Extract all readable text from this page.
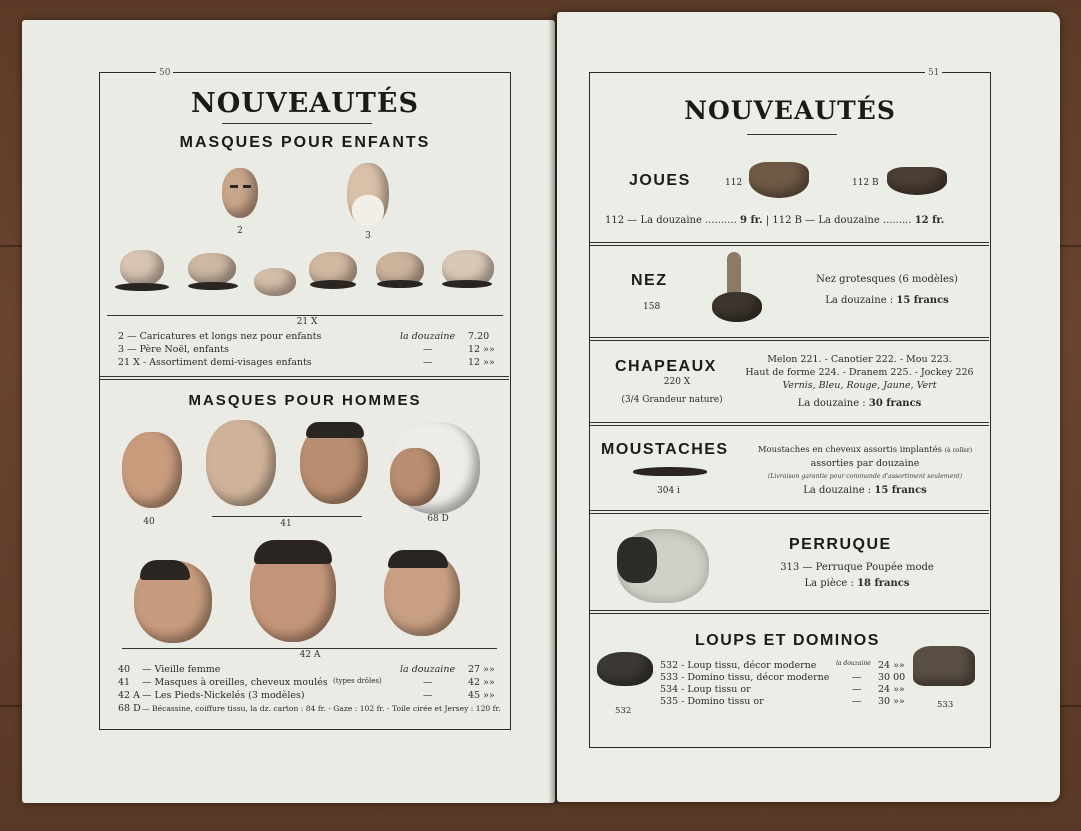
50
NOUVEAUTÉS
MASQUES POUR ENFANTS
2	3
21 X
2 — Caricatures et longs nez pour enfants	la douzaine 7.20
3 — Père Noël, enfants	—	12 »»
21 X - Assortiment demi-visages enfants	—	12 »»
MASQUES POUR HOMMES
40	41	68 D
42 A
40 — Vieille femme	la douzaine 27 »»
41 — Masques à oreilles, cheveux moulés (types drôles)	—	42 »»
42 A — Les Pieds-Nickelés (3 modèles)	—	45 »»
68 D — Bécassine, coiffure tissu, la dz. carton : 84 fr. - Gaze : 102 fr. - Toile cirée et Jersey : 120 fr.
51
NOUVEAUTÉS
JOUES	112	112 B
112 — La douzaine .......... 9 fr. | 112 B — La douzaine ......... 12 fr.
NEZ
158
Nez grotesques (6 modèles)
La douzaine : 15 francs
CHAPEAUX
220 X
(3/4 Grandeur nature)
Melon 221. - Canotier 222. - Mou 223.
Haut de forme 224. - Dranem 225. - Jockey 226
Vernis, Bleu, Rouge, Jaune, Vert
La douzaine : 30 francs
MOUSTACHES
304 i
Moustaches en cheveux assortis implantés (à coller)
assorties par douzaine
(Livraison garantie pour commande d'assortiment seulement)
La douzaine : 15 francs
PERRUQUE
313 — Perruque Poupée mode
La pièce : 18 francs
LOUPS ET DOMINOS
532
533
532 - Loup tissu, décor moderne	la douzaine 24 »»
533 - Domino tissu, décor moderne — 30 00
534 - Loup tissu or	— 24 »»
535 - Domino tissu or	— 30 »»
